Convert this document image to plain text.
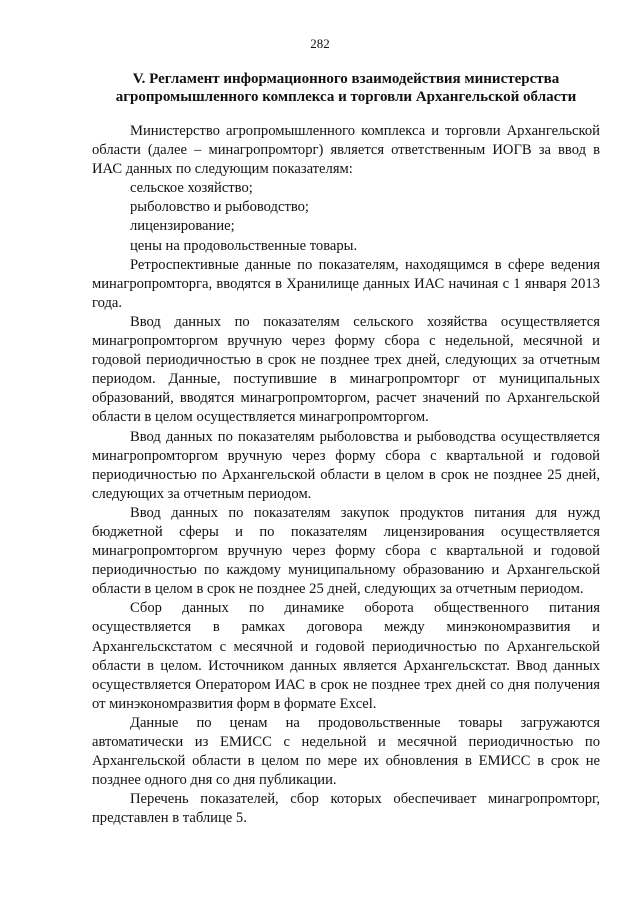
282
V. Регламент информационного взаимодействия министерства
агропромышленного комплекса и торговли Архангельской области

Министерство агропромышленного комплекса и торговли Архангельской области (далее – минагропромторг) является ответственным ИОГВ за ввод в ИАС данных по следующим показателям:

сельское хозяйство;

рыболовство и рыбоводство;

лицензирование;

цены на продовольственные товары.

Ретроспективные данные по показателям, находящимся в сфере ведения минагропромторга, вводятся в Хранилище данных ИАС начиная с 1 января 2013 года.

Ввод данных по показателям сельского хозяйства осуществляется минагропромторгом вручную через форму сбора с недельной, месячной и годовой периодичностью в срок не позднее трех дней, следующих за отчетным периодом. Данные, поступившие в минагропромторг от муниципальных образований, вводятся минагропромторгом, расчет значений по Архангельской области в целом осуществляется минагропромторгом.

Ввод данных по показателям рыболовства и рыбоводства осуществляется минагропромторгом вручную через форму сбора с квартальной и годовой периодичностью по Архангельской области в целом в срок не позднее 25 дней, следующих за отчетным периодом.

Ввод данных по показателям закупок продуктов питания для нужд бюджетной сферы и по показателям лицензирования осуществляется минагропромторгом вручную через форму сбора с квартальной и годовой периодичностью по каждому муниципальному образованию и Архангельской области в целом в срок не позднее 25 дней, следующих за отчетным периодом.

Сбор данных по динамике оборота общественного питания осуществляется в рамках договора между минэкономразвития и Архангельскстатом с месячной и годовой периодичностью по Архангельской области в целом. Источником данных является Архангельскстат. Ввод данных осуществляется Оператором ИАС в срок не позднее трех дней со дня получения от минэкономразвития форм в формате Excel.

Данные по ценам на продовольственные товары загружаются автоматически из ЕМИСС с недельной и месячной периодичностью по Архангельской области в целом по мере их обновления в ЕМИСС в срок не позднее одного дня со дня публикации.

Перечень показателей, сбор которых обеспечивает минагропромторг, представлен в таблице 5.
